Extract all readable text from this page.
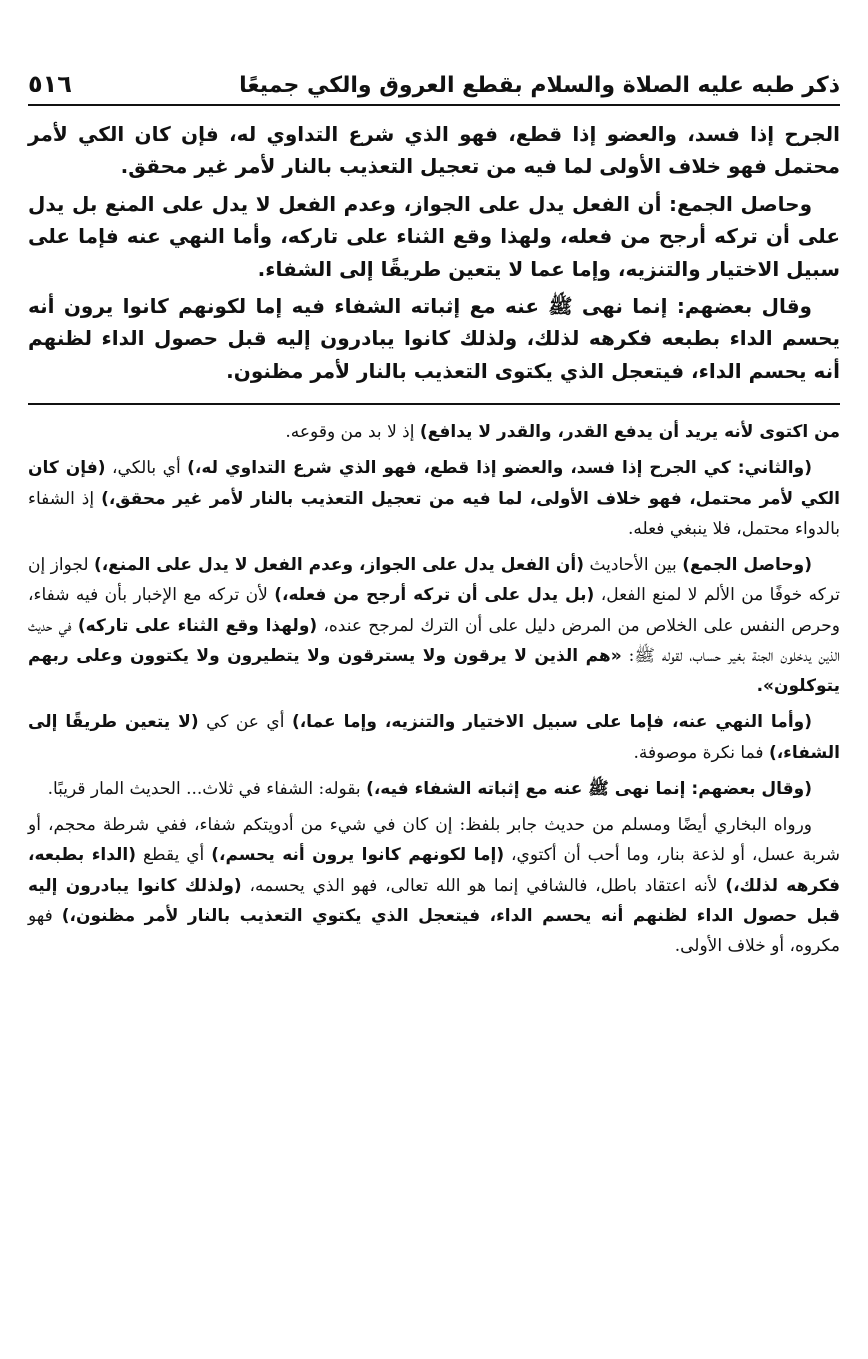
ذكر طبه عليه الصلاة والسلام بقطع العروق والكي جميعًا
٥١٦

الجرح إذا فسد، والعضو إذا قطع، فهو الذي شرع التداوي له، فإن كان الكي لأمر محتمل فهو خلاف الأولى لما فيه من تعجيل التعذيب بالنار لأمر غير محقق.

وحاصل الجمع: أن الفعل يدل على الجواز، وعدم الفعل لا يدل على المنع بل يدل على أن تركه أرجح من فعله، ولهذا وقع الثناء على تاركه، وأما النهي عنه فإما على سبيل الاختيار والتنزيه، وإما عما لا يتعين طريقًا إلى الشفاء.

وقال بعضهم: إنما نهى ﷺ عنه مع إثباته الشفاء فيه إما لكونهم كانوا يرون أنه يحسم الداء بطبعه فكرهه لذلك، ولذلك كانوا يبادرون إليه قبل حصول الداء لظنهم أنه يحسم الداء، فيتعجل الذي يكتوى التعذيب بالنار لأمر مظنون.

من اكتوى لأنه يريد أن يدفع القدر، والقدر لا يدافع) إذ لا بد من وقوعه.

(والثاني: كي الجرح إذا فسد، والعضو إذا قطع، فهو الذي شرع التداوي له،) أي بالكي، (فإن كان الكي لأمر محتمل، فهو خلاف الأولى، لما فيه من تعجيل التعذيب بالنار لأمر غير محقق،) إذ الشفاء بالدواء محتمل، فلا ينبغي فعله.

(وحاصل الجمع) بين الأحاديث (أن الفعل يدل على الجواز، وعدم الفعل لا يدل على المنع،) لجواز إن تركه خوفًا من الألم لا لمنع الفعل، (بل يدل على أن تركه أرجح من فعله،) لأن تركه مع الإخبار بأن فيه شفاء، وحرص النفس على الخلاص من المرض دليل على أن الترك لمرجح عنده، (ولهذا وقع الثناء على تاركه) في حديث الذين يدخلون الجنة بغير حساب، لقوله ﷺ: «هم الذين لا يرقون ولا يسترقون ولا يتطيرون ولا يكتوون وعلى ربهم يتوكلون».

(وأما النهي عنه، فإما على سبيل الاختيار والتنزيه، وإما عما،) أي عن كي (لا يتعين طريقًا إلى الشفاء،) فما نكرة موصوفة.

(وقال بعضهم: إنما نهى ﷺ عنه مع إثباته الشفاء فيه،) بقوله: الشفاء في ثلاث... الحديث المار قريبًا.

ورواه البخاري أيضًا ومسلم من حديث جابر بلفظ: إن كان في شيء من أدويتكم شفاء، ففي شرطة محجم، أو شربة عسل، أو لذعة بنار، وما أحب أن أكتوي، (إما لكونهم كانوا يرون أنه يحسم،) أي يقطع (الداء بطبعه، فكرهه لذلك،) لأنه اعتقاد باطل، فالشافي إنما هو الله تعالى، فهو الذي يحسمه، (ولذلك كانوا يبادرون إليه قبل حصول الداء لظنهم أنه يحسم الداء، فيتعجل الذي يكتوي التعذيب بالنار لأمر مظنون،) فهو مكروه، أو خلاف الأولى.
